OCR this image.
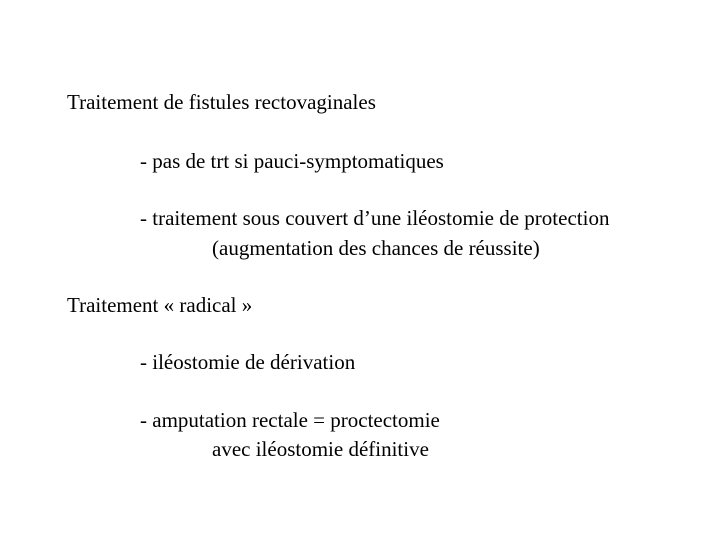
Traitement de fistules rectovaginales
- pas de trt si pauci-symptomatiques
- traitement sous couvert d’une iléostomie de protection
(augmentation des chances de réussite)
Traitement « radical »
- iléostomie de dérivation
- amputation rectale = proctectomie
avec iléostomie définitive
